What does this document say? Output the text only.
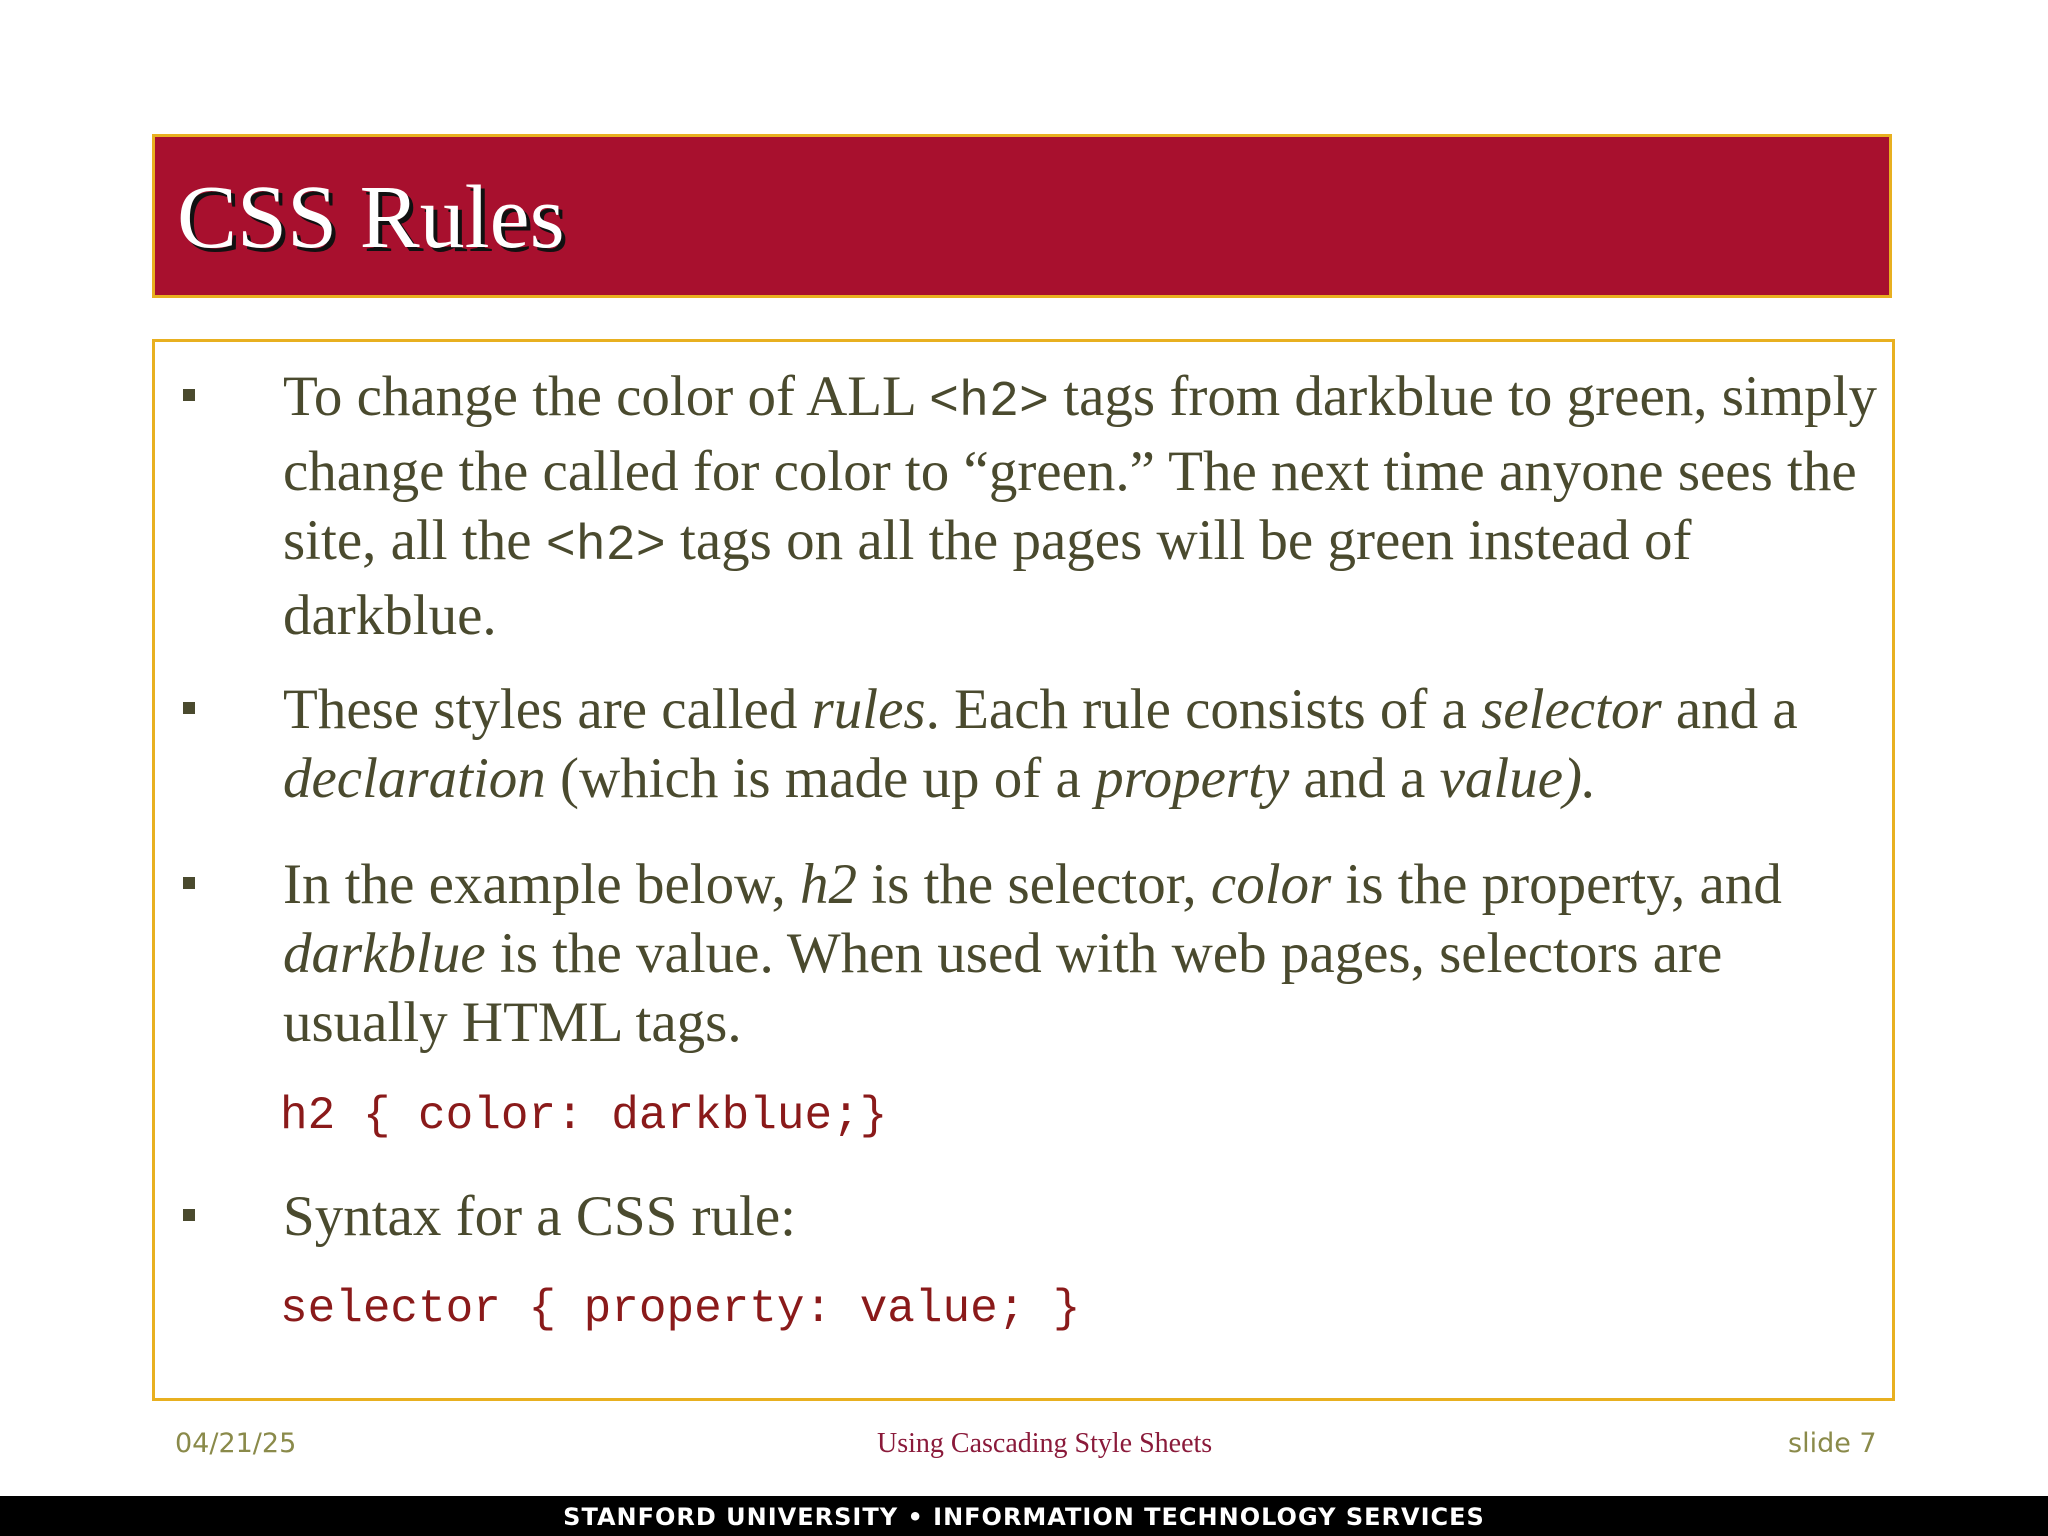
CSS Rules
To change the color of ALL <h2> tags from darkblue to green, simply change the called for color to “green.” The next time anyone sees the site, all the <h2> tags on all the pages will be green instead of darkblue.
These styles are called rules. Each rule consists of a selector and a declaration (which is made up of a property and a value).
In the example below, h2 is the selector, color is the property, and darkblue is the value. When used with web pages, selectors are usually HTML tags.
h2 { color: darkblue;}
Syntax for a CSS rule:
selector { property: value; }
04/21/25	Using Cascading Style Sheets	slide 7
STANFORD UNIVERSITY • INFORMATION TECHNOLOGY SERVICES
